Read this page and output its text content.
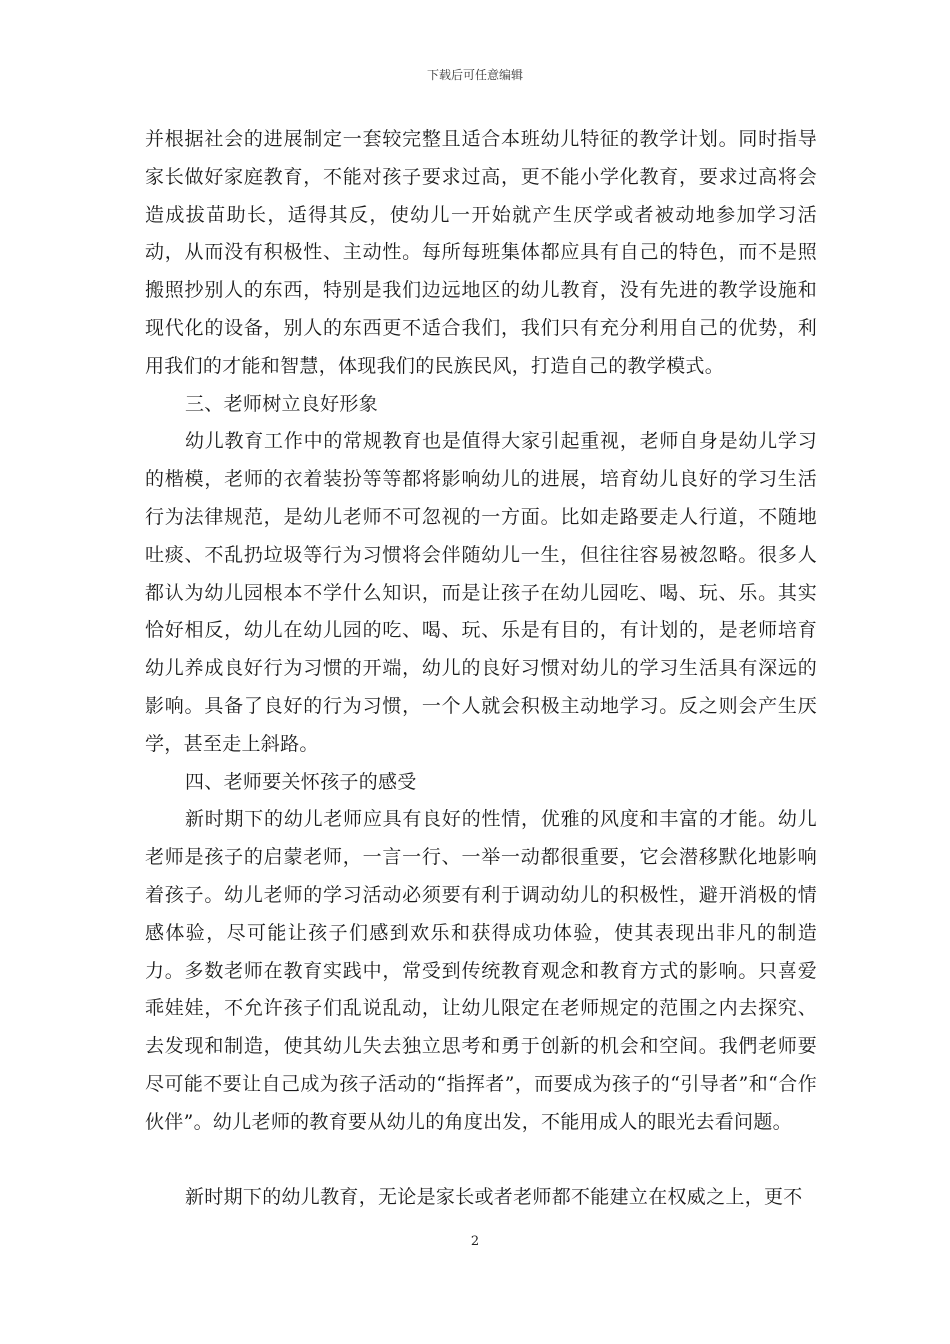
下载后可任意编辑

并根据社会的进展制定一套较完整且适合本班幼儿特征的教学计划。同时指导家长做好家庭教育，不能对孩子要求过高，更不能小学化教育，要求过高将会造成拔苗助长，适得其反，使幼儿一开始就产生厌学或者被动地参加学习活动，从而没有积极性、主动性。每所每班集体都应具有自己的特色，而不是照搬照抄别人的东西，特别是我们边远地区的幼儿教育，没有先进的教学设施和现代化的设备，别人的东西更不适合我们，我们只有充分利用自己的优势，利用我们的才能和智慧，体现我们的民族民风，打造自己的教学模式。

三、老师树立良好形象

幼儿教育工作中的常规教育也是值得大家引起重视，老师自身是幼儿学习的楷模，老师的衣着装扮等等都将影响幼儿的进展，培育幼儿良好的学习生活行为法律规范，是幼儿老师不可忽视的一方面。比如走路要走人行道，不随地吐痰、不乱扔垃圾等行为习惯将会伴随幼儿一生，但往往容易被忽略。很多人都认为幼儿园根本不学什么知识，而是让孩子在幼儿园吃、喝、玩、乐。其实恰好相反，幼儿在幼儿园的吃、喝、玩、乐是有目的，有计划的，是老师培育幼儿养成良好行为习惯的开端，幼儿的良好习惯对幼儿的学习生活具有深远的影响。具备了良好的行为习惯，一个人就会积极主动地学习。反之则会产生厌学，甚至走上斜路。

四、老师要关怀孩子的感受

新时期下的幼儿老师应具有良好的性情，优雅的风度和丰富的才能。幼儿老师是孩子的启蒙老师，一言一行、一举一动都很重要，它会潜移默化地影响着孩子。幼儿老师的学习活动必须要有利于调动幼儿的积极性，避开消极的情感体验，尽可能让孩子们感到欢乐和获得成功体验，使其表现出非凡的制造力。多数老师在教育实践中，常受到传统教育观念和教育方式的影响。只喜爱乖娃娃，不允许孩子们乱说乱动，让幼儿限定在老师规定的范围之内去探究、去发现和制造，使其幼儿失去独立思考和勇于创新的机会和空间。我們老师要尽可能不要让自己成为孩子活动的“指挥者”，而要成为孩子的“引导者”和“合作伙伴”。幼儿老师的教育要从幼儿的角度出发，不能用成人的眼光去看问题。

新时期下的幼儿教育，无论是家长或者老师都不能建立在权威之上，更不

2
